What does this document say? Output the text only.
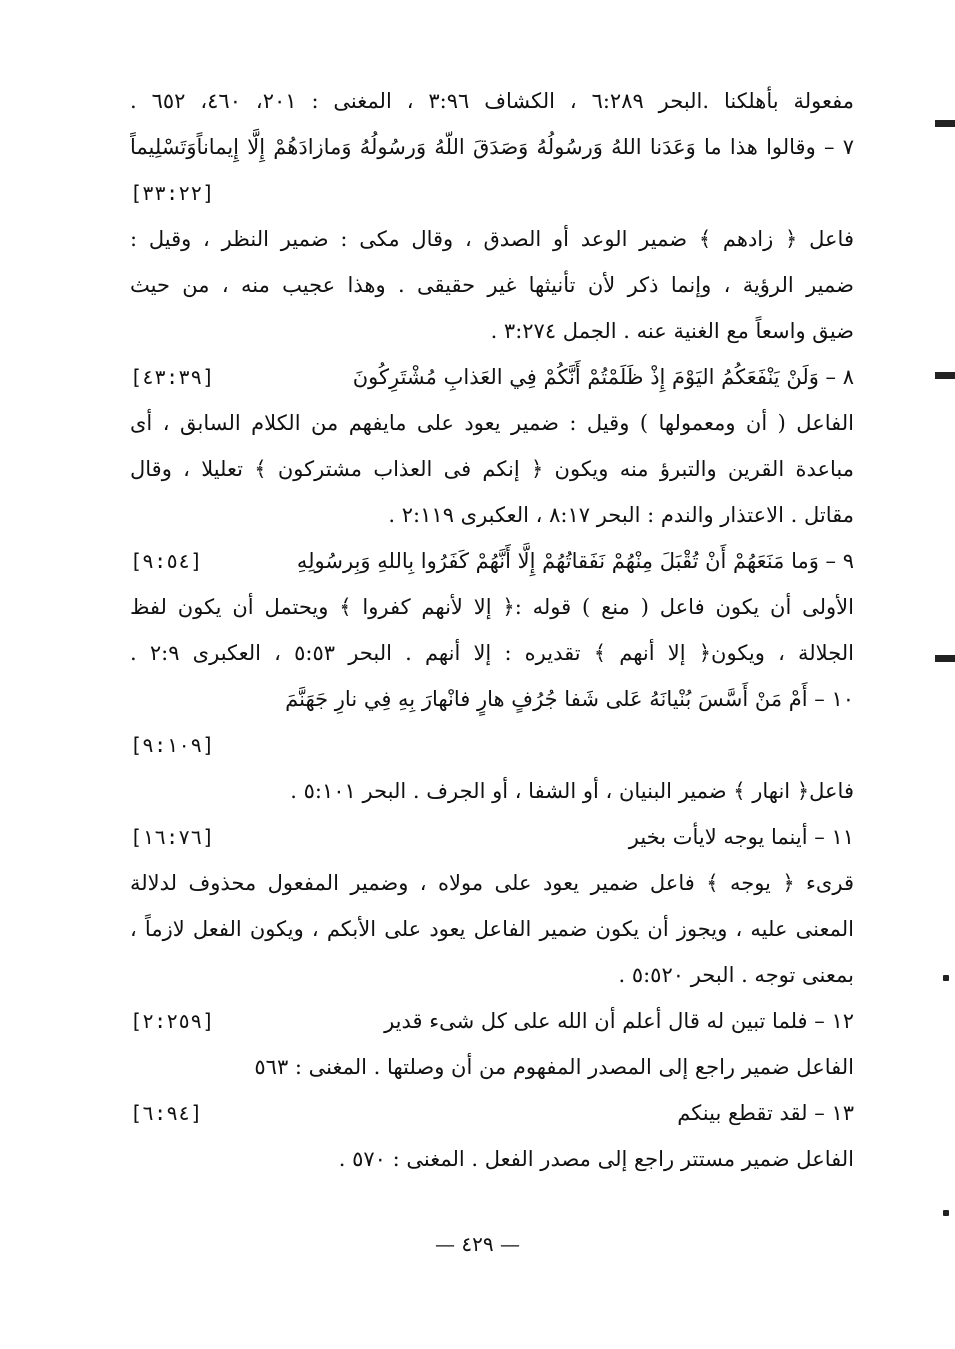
مفعولة بأهلكنا .البحر ٦:٢٨٩ ، الكشاف ٣:٩٦ ، المغنى : ٢٠١، ٤٦٠، ٦٥٢ .
٧ – وقالوا هذا ما وَعَدَنا اللهُ وَرسُولُهُ وَصَدَقَ اللّهُ وَرسُولُهُ وَمازادَهُمْ إِلَّا إِيماناًوَتَسْلِيماً
[٣٣:٢٢]
فاعل ﴿ زادهم ﴾ ضمير الوعد أو الصدق ، وقال مكى : ضمير النظر ، وقيل :
ضمير الرؤية ، وإنما ذكر لأن تأنيثها غير حقيقى . وهذا عجيب منه ، من حيث
ضيق واسعاً مع الغنية عنه . الجمل ٣:٢٧٤ .
٨ – وَلَنْ يَنْفَعَكُمُ اليَوْمَ إِذْ ظَلَمْتُمْ أَنَّكُمْ فِي العَذابِ مُشْتَرِكُونَ
[٤٣:٣٩]
الفاعل ( أن ومعمولها ) وقيل : ضمير يعود على مايفهم من الكلام السابق ، أى
مباعدة القرين والتبرؤ منه ويكون ﴿ إنكم فى العذاب مشتركون ﴾ تعليلا ، وقال
مقاتل . الاعتذار والندم : البحر ٨:١٧ ، العكبرى ٢:١١٩ .
٩ – وَما مَنَعَهُمْ أَنْ تُقْبَلَ مِنْهُمْ نَفَقاتُهُمْ إِلَّا أَنَّهُمْ كَفَرُوا بِاللهِ وَبِرسُولِهِ
[٩:٥٤]
الأولى أن يكون فاعل ( منع ) قوله :﴿ إلا لأنهم كفروا ﴾ ويحتمل أن يكون لفظ
الجلالة ، ويكون﴿ إلا أنهم ﴾ تقديره : إلا أنهم . البحر ٥:٥٣ ، العكبرى ٢:٩ .
١٠ – أَمْ مَنْ أَسَّسَ بُنْيانَهُ عَلى شَفا جُرُفٍ هارٍ فانْهارَ بِهِ فِي نارِ جَهَنَّمَ
[٩:١٠٩]
فاعل﴿ انهار ﴾ ضمير البنيان ، أو الشفا ، أو الجرف . البحر ٥:١٠١ .
١١ – أينما يوجه لايأت بخير
[١٦:٧٦]
قرىء ﴿ يوجه ﴾ فاعل ضمير يعود على مولاه ، وضمير المفعول محذوف لدلالة
المعنى عليه ، ويجوز أن يكون ضمير الفاعل يعود على الأبكم ، ويكون الفعل لازماً ،
بمعنى توجه . البحر ٥:٥٢٠ .
١٢ – فلما تبين له قال أعلم أن الله على كل شىء قدير
[٢:٢٥٩]
الفاعل ضمير راجع إلى المصدر المفهوم من أن وصلتها . المغنى : ٥٦٣
١٣ – لقد تقطع بينكم
[٦:٩٤]
الفاعل ضمير مستتر راجع إلى مصدر الفعل . المغنى : ٥٧٠ .
— ٤٢٩ —
